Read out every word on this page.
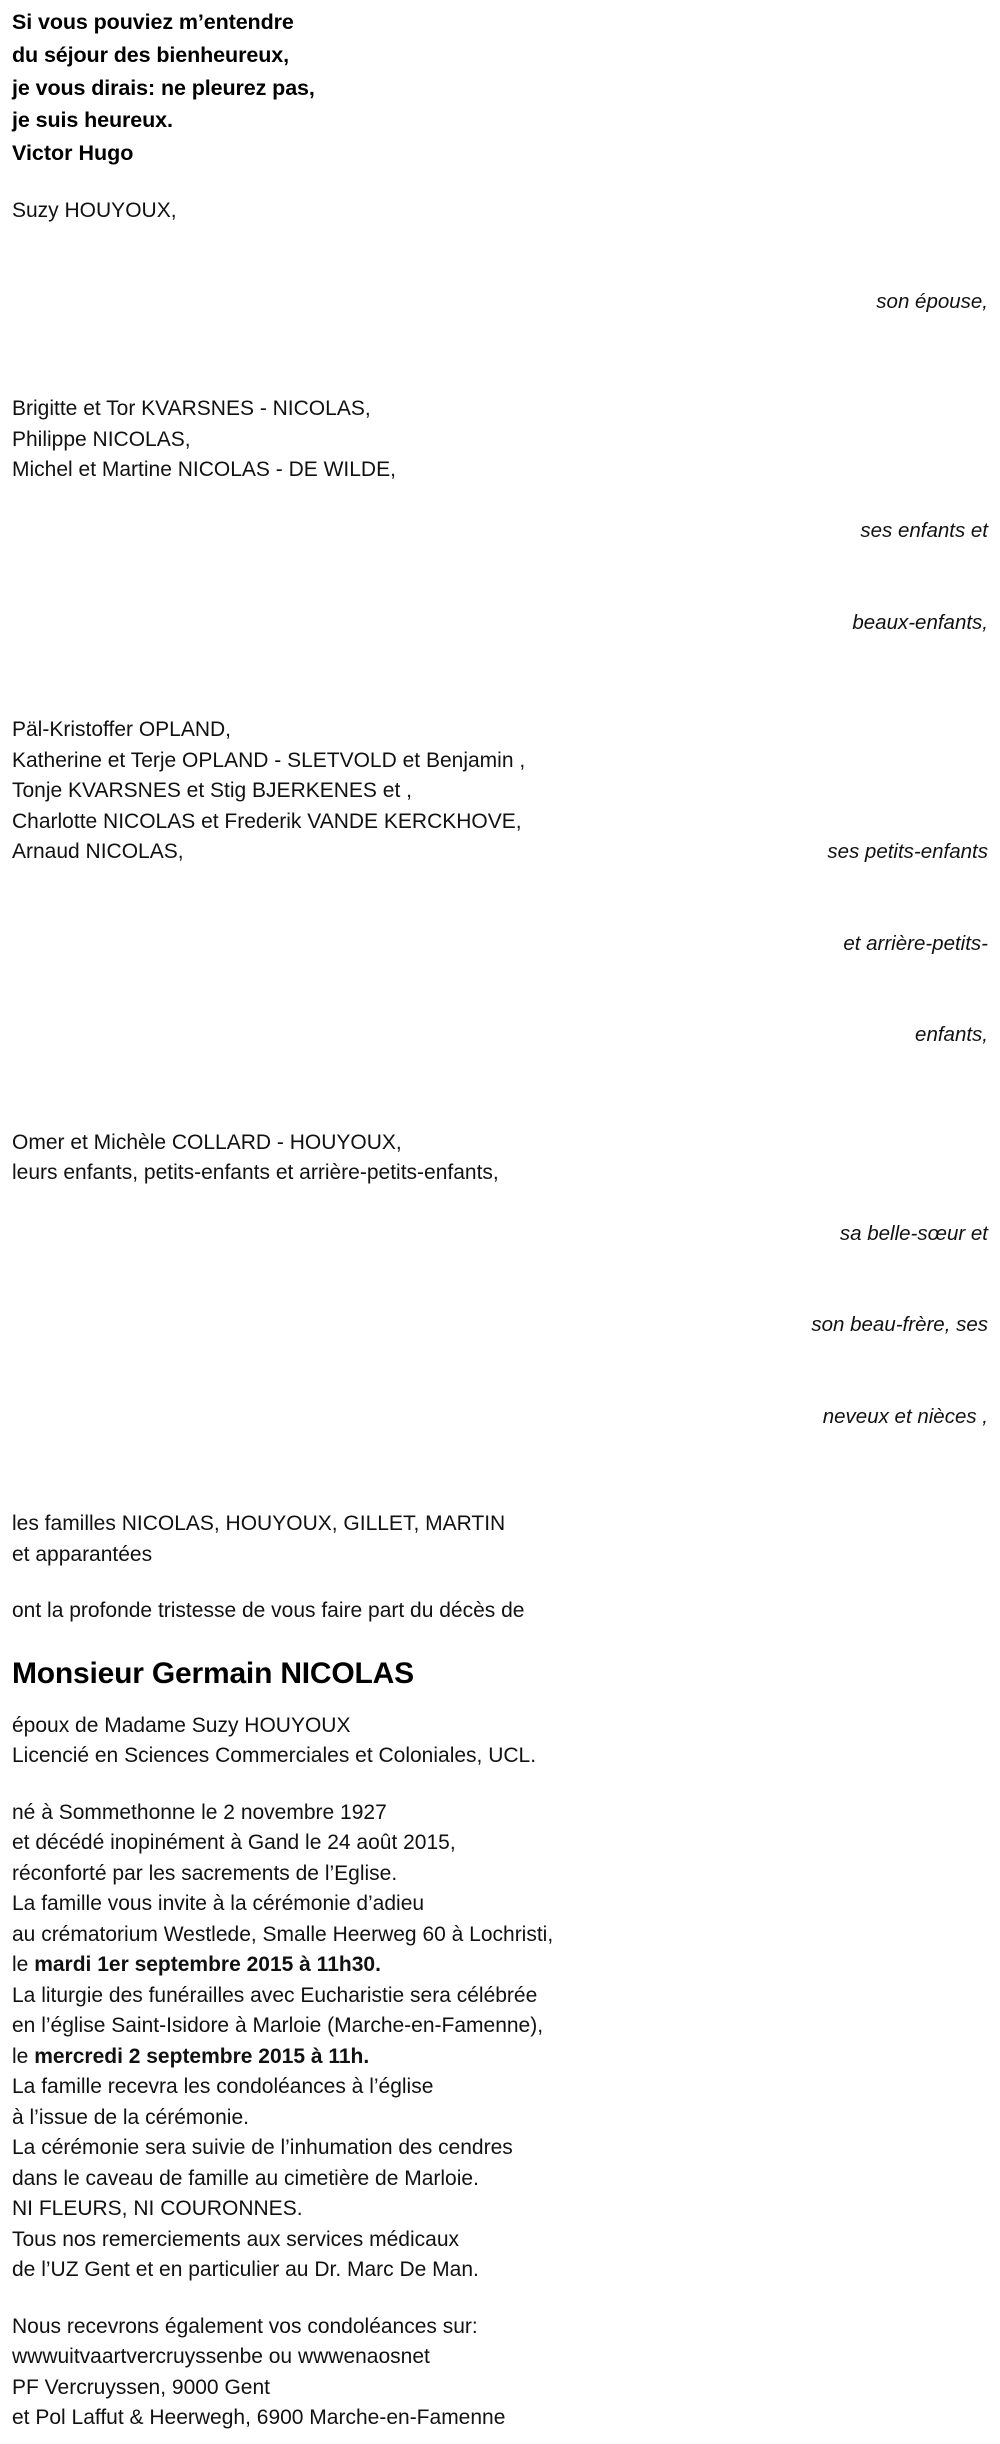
Si vous pouviez m’entendre
du séjour des bienheureux,
je vous dirais: ne pleurez pas,
je suis heureux.
Victor Hugo
Suzy HOUYOUX,

son épouse,

Brigitte et Tor KVARSNES - NICOLAS,
Philippe NICOLAS,
Michel et Martine NICOLAS - DE WILDE,

ses enfants et

beaux-enfants,

Päl-Kristoffer OPLAND,
Katherine et Terje OPLAND - SLETVOLD et Benjamin ,
Tonje KVARSNES et Stig BJERKENES et ,
Charlotte NICOLAS et Frederik VANDE KERCKHOVE,
Arnaud NICOLAS,

	ses petits-enfants

et arrière-petits-

enfants,

Omer et Michèle COLLARD - HOUYOUX,
leurs enfants, petits-enfants et arrière-petits-enfants,

sa belle-sœur et

son beau-frère, ses

neveux et nièces ,

les familles NICOLAS, HOUYOUX, GILLET, MARTIN
et apparantées
ont la profonde tristesse de vous faire part du décès de
Monsieur Germain NICOLAS
époux de Madame Suzy HOUYOUX
Licencié en Sciences Commerciales et Coloniales, UCL.
né à Sommethonne le 2 novembre 1927
et décédé inopinément à Gand le 24 août 2015,
réconforté par les sacrements de l’Eglise.
La famille vous invite à la cérémonie d’adieu
au crématorium Westlede, Smalle Heerweg 60 à Lochristi,
le mardi 1er septembre 2015 à 11h30.
La liturgie des funérailles avec Eucharistie sera célébrée
en l’église Saint-Isidore à Marloie (Marche-en-Famenne),
le mercredi 2 septembre 2015 à 11h.
La famille recevra les condoléances à l’église
à l’issue de la cérémonie.
La cérémonie sera suivie de l’inhumation des cendres
dans le caveau de famille au cimetière de Marloie.
NI FLEURS, NI COURONNES.
Tous nos remerciements aux services médicaux
de l’UZ Gent et en particulier au Dr. Marc De Man.
Nous recevrons également vos condoléances sur:
wwwuitvaartvercruyssenbe ou wwwenaosnet
PF Vercruyssen, 9000 Gent
et Pol Laffut & Heerwegh, 6900 Marche-en-Famenne
